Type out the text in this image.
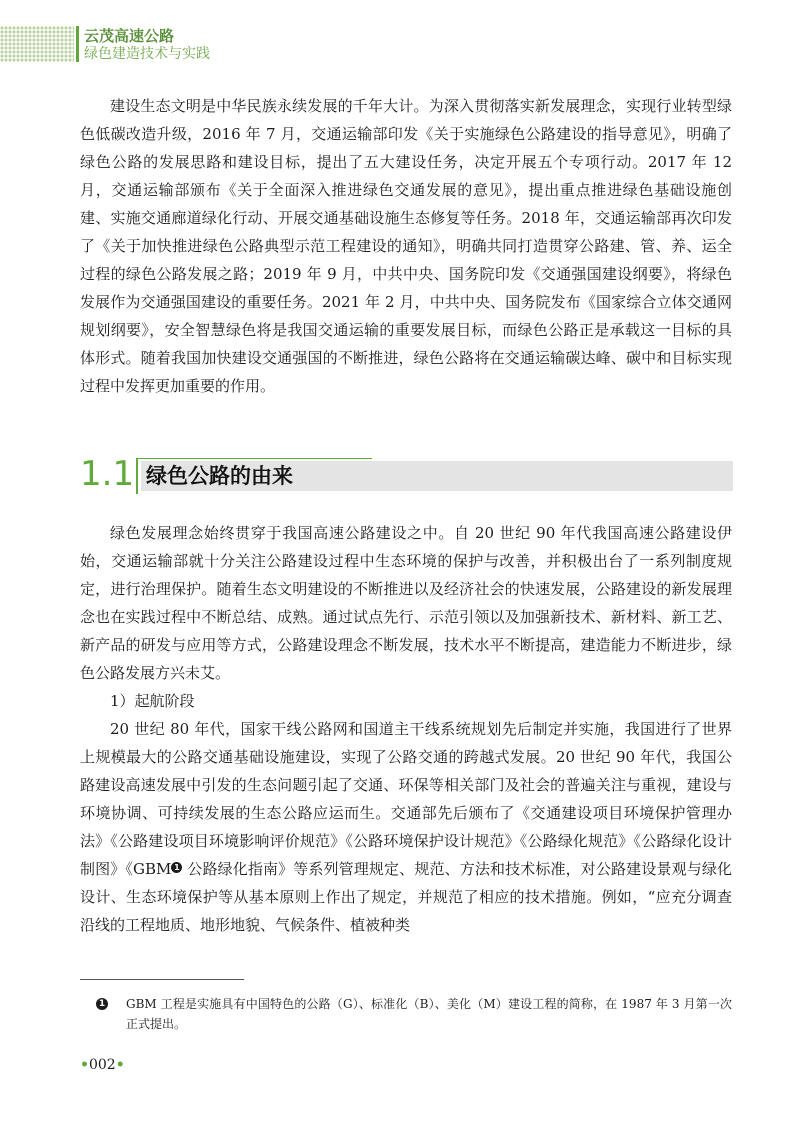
云茂高速公路
绿色建造技术与实践

建设生态文明是中华民族永续发展的千年大计。为深入贯彻落实新发展理念，实现行业转型绿色低碳改造升级，2016 年 7 月，交通运输部印发《关于实施绿色公路建设的指导意见》，明确了绿色公路的发展思路和建设目标，提出了五大建设任务，决定开展五个专项行动。2017 年 12 月，交通运输部颁布《关于全面深入推进绿色交通发展的意见》，提出重点推进绿色基础设施创建、实施交通廊道绿化行动、开展交通基础设施生态修复等任务。2018 年，交通运输部再次印发了《关于加快推进绿色公路典型示范工程建设的通知》，明确共同打造贯穿公路建、管、养、运全过程的绿色公路发展之路；2019 年 9 月，中共中央、国务院印发《交通强国建设纲要》，将绿色发展作为交通强国建设的重要任务。2021 年 2 月，中共中央、国务院发布《国家综合立体交通网规划纲要》，安全智慧绿色将是我国交通运输的重要发展目标，而绿色公路正是承载这一目标的具体形式。随着我国加快建设交通强国的不断推进，绿色公路将在交通运输碳达峰、碳中和目标实现过程中发挥更加重要的作用。

1.1 绿色公路的由来

绿色发展理念始终贯穿于我国高速公路建设之中。自 20 世纪 90 年代我国高速公路建设伊始，交通运输部就十分关注公路建设过程中生态环境的保护与改善，并积极出台了一系列制度规定，进行治理保护。随着生态文明建设的不断推进以及经济社会的快速发展，公路建设的新发展理念也在实践过程中不断总结、成熟。通过试点先行、示范引领以及加强新技术、新材料、新工艺、新产品的研发与应用等方式，公路建设理念不断发展，技术水平不断提高，建造能力不断进步，绿色公路发展方兴未艾。

1）起航阶段

20 世纪 80 年代，国家干线公路网和国道主干线系统规划先后制定并实施，我国进行了世界上规模最大的公路交通基础设施建设，实现了公路交通的跨越式发展。20 世纪 90 年代，我国公路建设高速发展中引发的生态问题引起了交通、环保等相关部门及社会的普遍关注与重视，建设与环境协调、可持续发展的生态公路应运而生。交通部先后颁布了《交通建设项目环境保护管理办法》《公路建设项目环境影响评价规范》《公路环境保护设计规范》《公路绿化规范》《公路绿化设计制图》《GBM 1 公路绿化指南》等系列管理规定、规范、方法和技术标准，对公路建设景观与绿化设计、生态环境保护等从基本原则上作出了规定，并规范了相应的技术措施。例如，“应充分调查沿线的工程地质、地形地貌、气候条件、植被种类

1	GBM 工程是实施具有中国特色的公路（G）、标准化（B）、美化（M）建设工程的简称，在 1987 年 3 月第一次正式提出。

•002•
